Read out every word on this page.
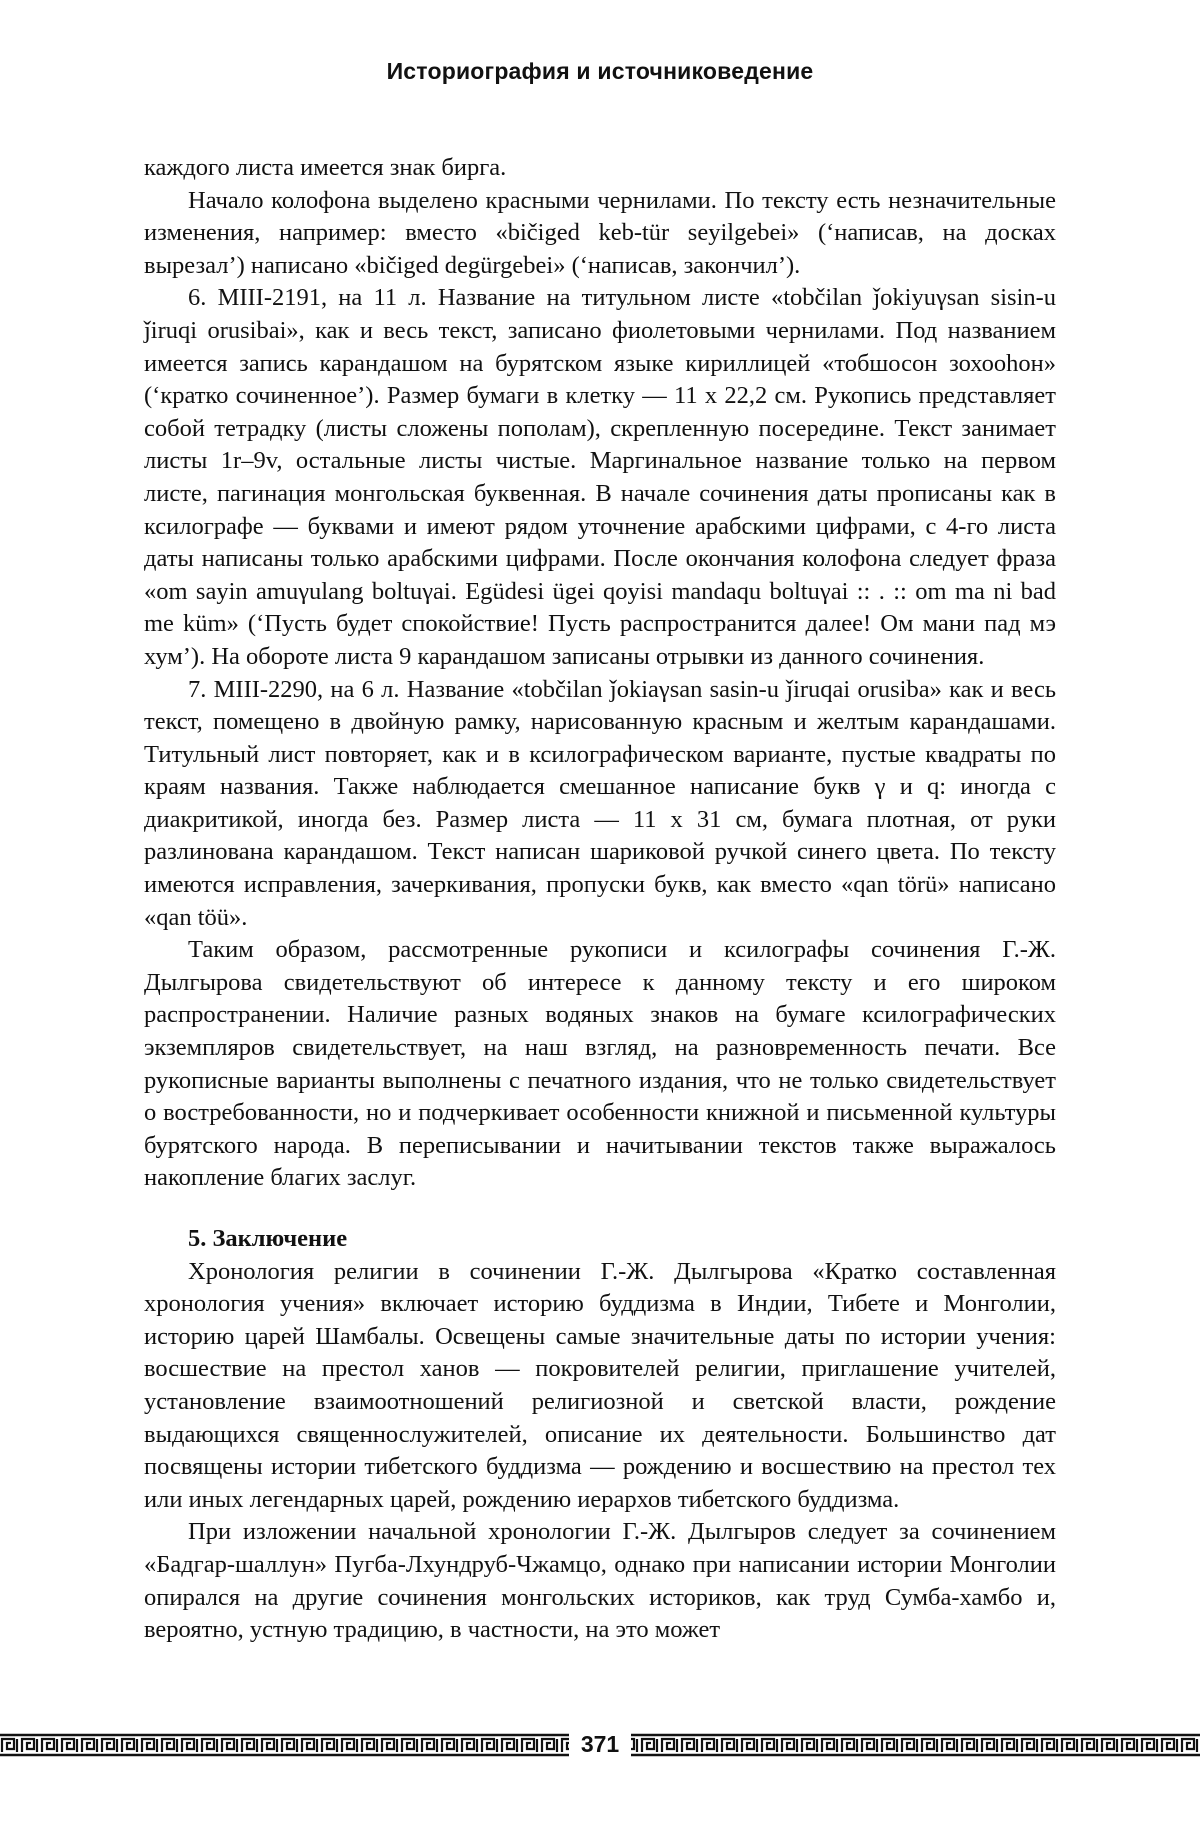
Историография и источниковедение

каждого листа имеется знак бирга.

Начало колофона выделено красными чернилами. По тексту есть незначительные изменения, например: вместо «bičiged keb-tür seyilgebei» (‘написав, на досках вырезал’) написано «bičiged degürgebei» (‘написав, закончил’).

6. MIII-2191, на 11 л. Название на титульном листе «tobčilan ǰokiyuγsan sisin-u ǰiruqi orusibai», как и весь текст, записано фиолетовыми чернилами. Под названием имеется запись карандашом на бурятском языке кириллицей «тобшосон зохооhон» (‘кратко сочиненное’). Размер бумаги в клетку — 11 х 22,2 см. Рукопись представляет собой тетрадку (листы сложены пополам), скрепленную посередине. Текст занимает листы 1r–9v, остальные листы чистые. Маргинальное название только на первом листе, пагинация монгольская буквенная. В начале сочинения даты прописаны как в ксилографе — буквами и имеют рядом уточнение арабскими цифрами, с 4-го листа даты написаны только арабскими цифрами. После окончания колофона следует фраза «om sayin amuγulang boltuγai. Egüdesi ügei qoyisi mandaqu boltuγai :: . :: om ma ni bad me küm» (‘Пусть будет спокойствие! Пусть распространится далее! Ом мани пад мэ хум’). На обороте листа 9 карандашом записаны отрывки из данного сочинения.

7. MIII-2290, на 6 л. Название «tobčilan ǰokiaγsan sasin-u ǰiruqai orusiba» как и весь текст, помещено в двойную рамку, нарисованную красным и желтым карандашами. Титульный лист повторяет, как и в ксилографическом варианте, пустые квадраты по краям названия. Также наблюдается смешанное написание букв γ и q: иногда с диакритикой, иногда без. Размер листа — 11 х 31 см, бумага плотная, от руки разлинована карандашом. Текст написан шариковой ручкой синего цвета. По тексту имеются исправления, зачеркивания, пропуски букв, как вместо «qan törü» написано «qan töü».

Таким образом, рассмотренные рукописи и ксилографы сочинения Г.-Ж. Дылгырова свидетельствуют об интересе к данному тексту и его широком распространении. Наличие разных водяных знаков на бумаге ксилографических экземпляров свидетельствует, на наш взгляд, на разновременность печати. Все рукописные варианты выполнены с печатного издания, что не только свидетельствует о востребованности, но и подчеркивает особенности книжной и письменной культуры бурятского народа. В переписывании и начитывании текстов также выражалось накопление благих заслуг.

5. Заключение

Хронология религии в сочинении Г.-Ж. Дылгырова «Кратко составленная хронология учения» включает историю буддизма в Индии, Тибете и Монголии, историю царей Шамбалы. Освещены самые значительные даты по истории учения: восшествие на престол ханов — покровителей религии, приглашение учителей, установление взаимоотношений религиозной и светской власти, рождение выдающихся священнослужителей, описание их деятельности. Большинство дат посвящены истории тибетского буддизма — рождению и восшествию на престол тех или иных легендарных царей, рождению иерархов тибетского буддизма.

При изложении начальной хронологии Г.-Ж. Дылгыров следует за сочинением «Бадгар-шаллун» Пугба-Лхундруб-Чжамцо, однако при написании истории Монголии опирался на другие сочинения монгольских историков, как труд Сумба-хамбо и, вероятно, устную традицию, в частности, на это может

371
